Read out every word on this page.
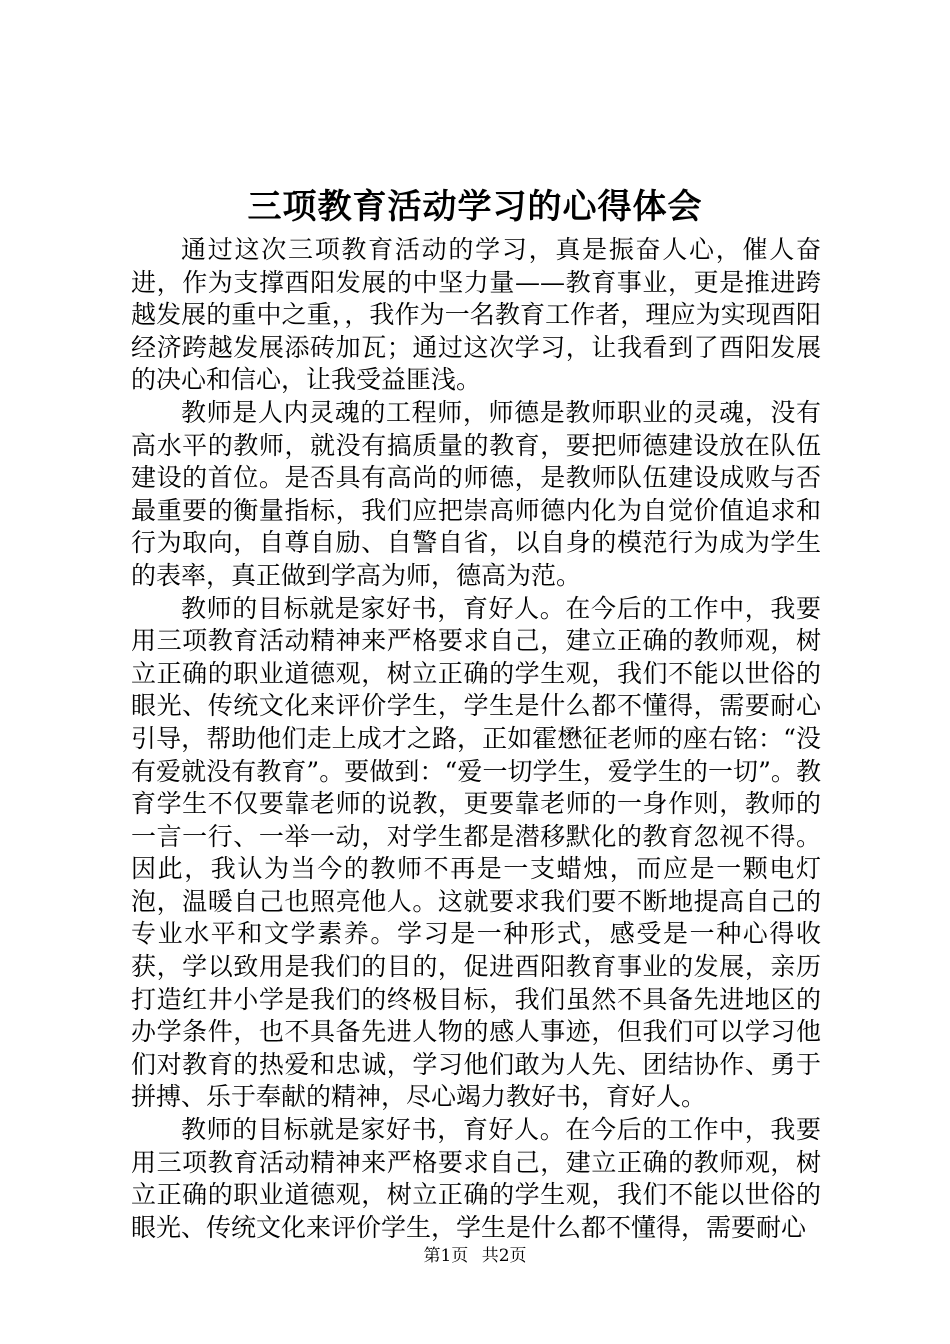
三项教育活动学习的心得体会

通过这次三项教育活动的学习，真是振奋人心，催人奋进，作为支撑酉阳发展的中坚力量——教育事业，更是推进跨越发展的重中之重，，我作为一名教育工作者，理应为实现酉阳经济跨越发展添砖加瓦；通过这次学习，让我看到了酉阳发展的决心和信心，让我受益匪浅。

教师是人内灵魂的工程师，师德是教师职业的灵魂，没有高水平的教师，就没有搞质量的教育，要把师德建设放在队伍建设的首位。是否具有高尚的师德，是教师队伍建设成败与否最重要的衡量指标，我们应把崇高师德内化为自觉价值追求和行为取向，自尊自励、自警自省，以自身的模范行为成为学生的表率，真正做到学高为师，德高为范。

教师的目标就是家好书，育好人。在今后的工作中，我要用三项教育活动精神来严格要求自己，建立正确的教师观，树立正确的职业道德观，树立正确的学生观，我们不能以世俗的眼光、传统文化来评价学生，学生是什么都不懂得，需要耐心引导，帮助他们走上成才之路，正如霍懋征老师的座右铭：“没有爱就没有教育”。要做到：“爱一切学生，爱学生的一切”。教育学生不仅要靠老师的说教，更要靠老师的一身作则，教师的一言一行、一举一动，对学生都是潜移默化的教育忽视不得。因此，我认为当今的教师不再是一支蜡烛，而应是一颗电灯泡，温暖自己也照亮他人。这就要求我们要不断地提高自己的专业水平和文学素养。学习是一种形式，感受是一种心得收获，学以致用是我们的目的，促进酉阳教育事业的发展，亲历打造红井小学是我们的终极目标，我们虽然不具备先进地区的办学条件，也不具备先进人物的感人事迹，但我们可以学习他们对教育的热爱和忠诚，学习他们敢为人先、团结协作、勇于拼搏、乐于奉献的精神，尽心竭力教好书，育好人。

教师的目标就是家好书，育好人。在今后的工作中，我要用三项教育活动精神来严格要求自己，建立正确的教师观，树立正确的职业道德观，树立正确的学生观，我们不能以世俗的眼光、传统文化来评价学生，学生是什么都不懂得，需要耐心

第1页 共2页
